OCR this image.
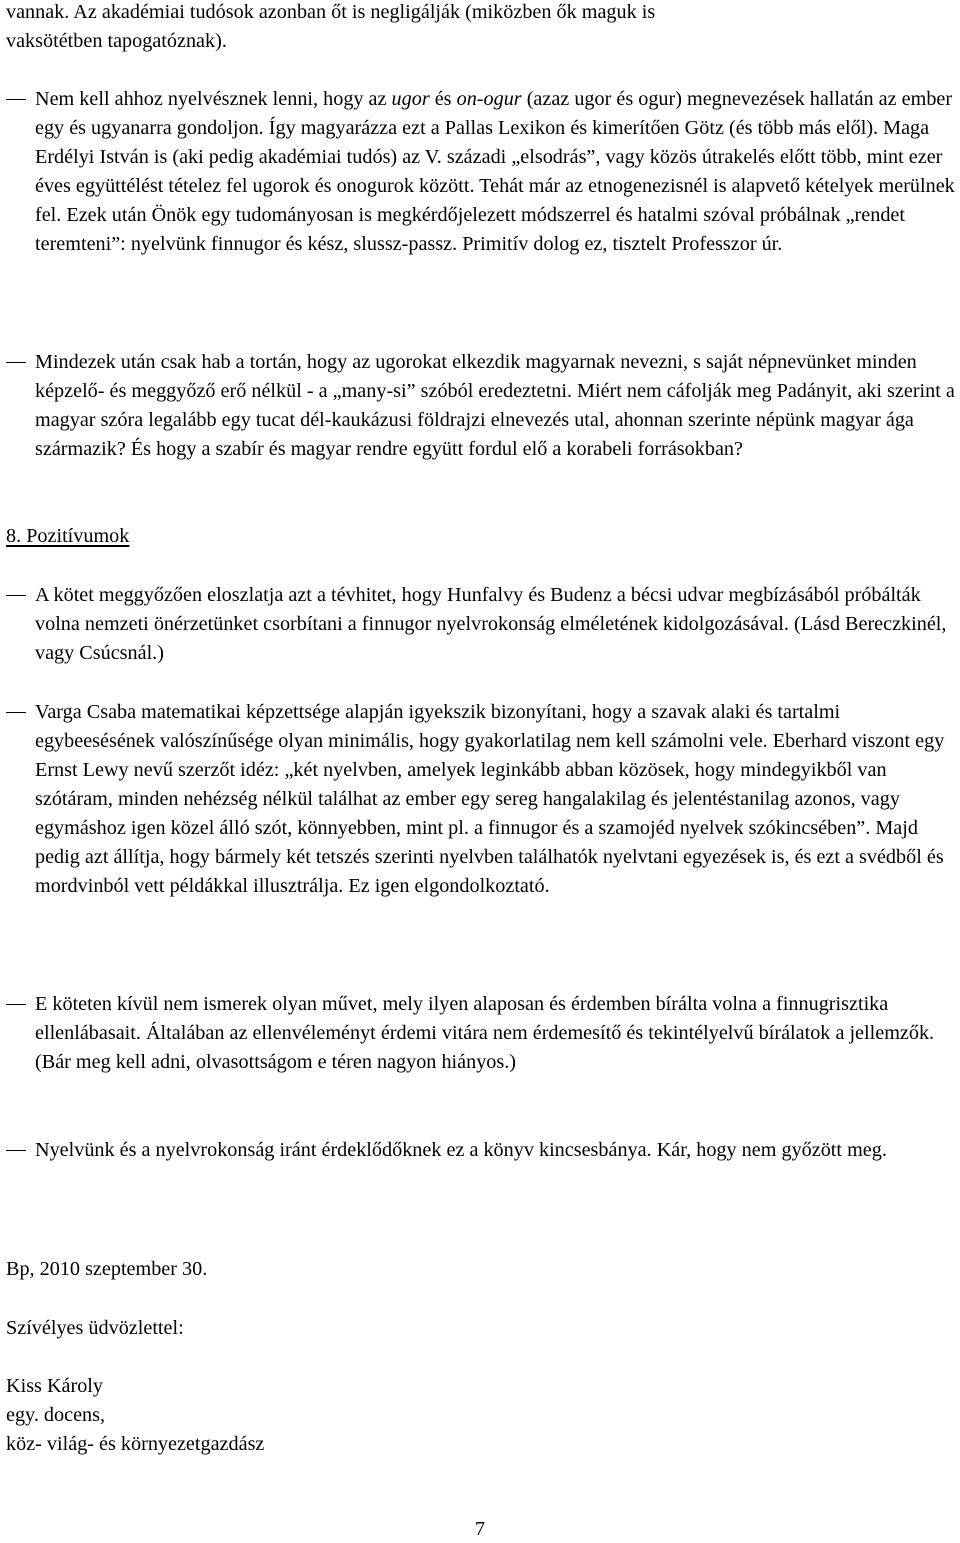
vannak. Az akadémiai tudósok azonban őt is negligálják (miközben ők maguk is

vaksötétben tapogatóznak).

Nem kell ahhoz nyelvésznek lenni, hogy az ugor és on-ogur (azaz ugor és ogur) megnevezések hallatán az ember egy és ugyanarra gondoljon. Így magyarázza ezt a Pallas Lexikon és kimerítően Götz (és több más elől). Maga Erdélyi István is (aki pedig akadémiai tudós) az V. századi „elsodrás”, vagy közös útrakelés előtt több, mint ezer éves együttélést tételez fel ugorok és onogurok között. Tehát már az etnogenezisnél is alapvető kételyek merülnek fel. Ezek után Önök egy tudományosan is megkérdőjelezett módszerrel és hatalmi szóval próbálnak „rendet teremteni”: nyelvünk finnugor és kész, slussz-passz. Primitív dolog ez, tisztelt Professzor úr.

Mindezek után csak hab a tortán, hogy az ugorokat elkezdik magyarnak nevezni, s saját népnevünket minden képzelő- és meggyőző erő nélkül - a „many-si” szóból eredeztetni. Miért nem cáfolják meg Padányit, aki szerint a magyar szóra legalább egy tucat dél-kaukázusi földrajzi elnevezés utal, ahonnan szerinte népünk magyar ága származik? És hogy a szabír és magyar rendre együtt fordul elő a korabeli forrásokban?

8. Pozitívumok

A kötet meggyőzően eloszlatja azt a tévhitet, hogy Hunfalvy és Budenz a bécsi udvar megbízásából próbálták volna nemzeti önérzetünket csorbítani a finnugor nyelvrokonság elméletének kidolgozásával. (Lásd Bereczkinél, vagy Csúcsnál.)

Varga Csaba matematikai képzettsége alapján igyekszik bizonyítani, hogy a szavak alaki és tartalmi egybeesésének valószínűsége olyan minimális, hogy gyakorlatilag nem kell számolni vele. Eberhard viszont egy Ernst Lewy nevű szerzőt idéz: „két nyelvben, amelyek leginkább abban közösek, hogy mindegyikből van szótáram, minden nehézség nélkül találhat az ember egy sereg hangalakilag és jelentéstanilag azonos, vagy egymáshoz igen közel álló szót, könnyebben, mint pl. a finnugor és a szamojéd nyelvek szókincsében”. Majd pedig azt állítja, hogy bármely két tetszés szerinti nyelvben találhatók nyelvtani egyezések is, és ezt a svédből és mordvinból vett példákkal illusztrálja. Ez igen elgondolkoztató.

E köteten kívül nem ismerek olyan művet, mely ilyen alaposan és érdemben bírálta volna a finnugrisztika ellenlábasait. Általában az ellenvéleményt érdemi vitára nem érdemesítő és tekintélyelvű bírálatok a jellemzők.(Bár meg kell adni, olvasottságom e téren nagyon hiányos.)

Nyelvünk és a nyelvrokonság iránt érdeklődőknek ez a könyv kincsesbánya. Kár, hogy nem győzött meg.

Bp, 2010 szeptember 30.

Szívélyes üdvözlettel:

Kiss Károly

egy. docens,

köz- világ- és környezetgazdász

7
